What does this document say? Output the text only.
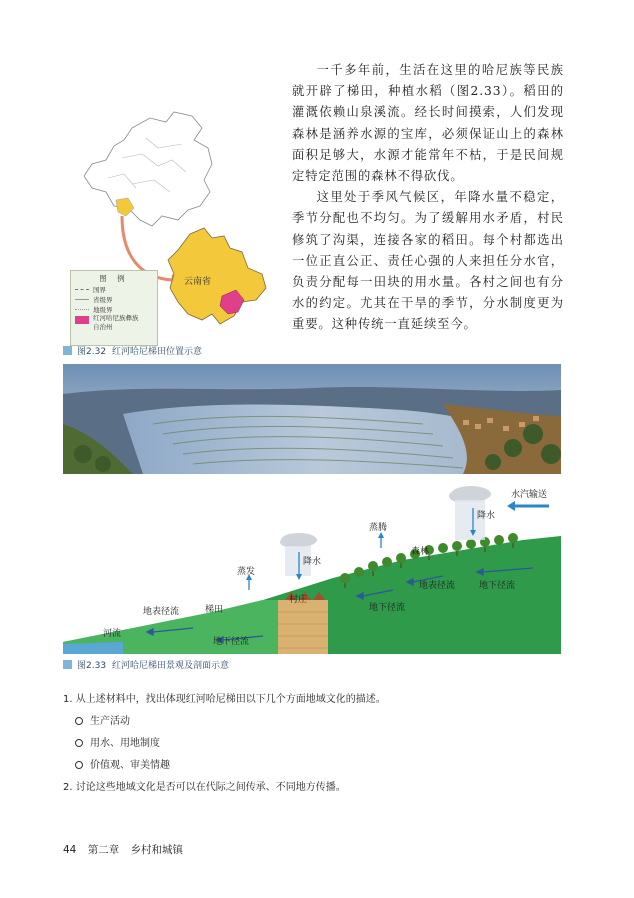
云南省
图 例
国界
省级界
地级界
红河哈尼族彝族自治州
图2.32 红河哈尼梯田位置示意

一千多年前，生活在这里的哈尼族等民族就开辟了梯田，种植水稻（图2.33）。稻田的灌溉依赖山泉溪流。经长时间摸索，人们发现森林是涵养水源的宝库，必须保证山上的森林面积足够大，水源才能常年不枯，于是民间规定特定范围的森林不得砍伐。

这里处于季风气候区，年降水量不稳定，季节分配也不均匀。为了缓解用水矛盾，村民修筑了沟渠，连接各家的稻田。每个村都选出一位正直公正、责任心强的人来担任分水官，负责分配每一田块的用水量。各村之间也有分水的约定。尤其在干旱的季节，分水制度更为重要。这种传统一直延续至今。

水汽输送
降水
蒸腾
森林
降水
蒸发
村庄
地表径流	地下径流
地下径流
梯田
地表径流
河流
地下径流
图2.33 红河哈尼梯田景观及剖面示意
1. 从上述材料中，找出体现红河哈尼梯田以下几个方面地域文化的描述。
生产活动
用水、用地制度
价值观、审美情趣
2. 讨论这些地域文化是否可以在代际之间传承、不同地方传播。
44 第二章 乡村和城镇
